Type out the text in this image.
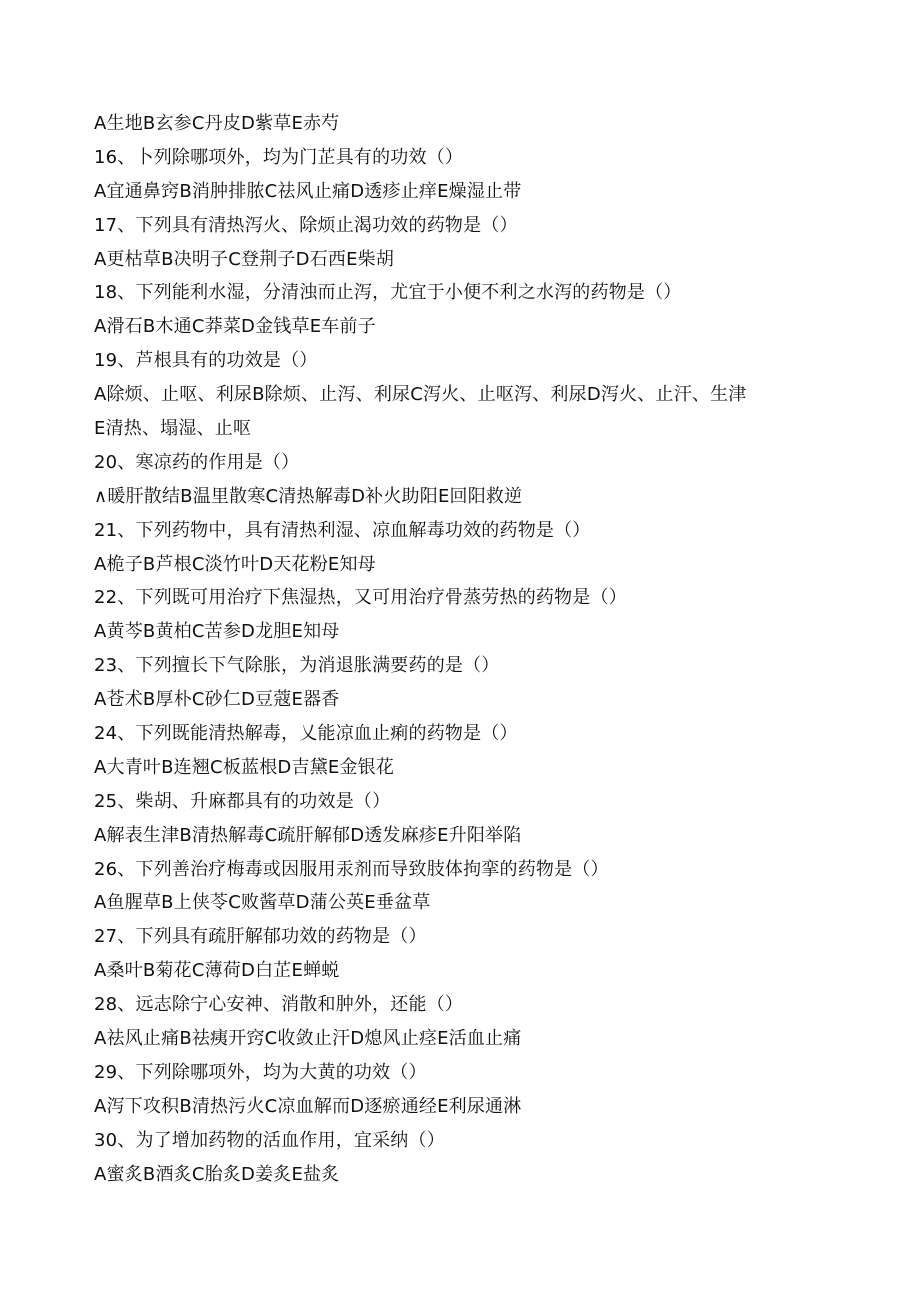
A生地B玄参C丹皮D紫草E赤芍
16、卜列除哪项外，均为门芷具有的功效（）
A宜通鼻窍B消肿排脓C祛风止痛D透疹止痒E燥湿止带
17、下列具有清热泻火、除烦止渴功效的药物是（）
A更枯草B决明子C登荆子D石西E柴胡
18、下列能利水湿，分清浊而止泻，尤宜于小便不利之水泻的药物是（）
A滑石B木通C莽菜D金钱草E车前子
19、芦根具有的功效是（）
A除烦、止呕、利尿B除烦、止泻、利尿C泻火、止呕泻、利尿D泻火、止汗、生津
E清热、塌湿、止呕
20、寒凉药的作用是（）
∧暖肝散结B温里散寒C清热解毒D补火助阳E回阳救逆
21、下列药物中，具有清热利湿、凉血解毒功效的药物是（）
A桅子B芦根C淡竹叶D天花粉E知母
22、下列既可用治疗下焦湿热，又可用治疗骨蒸劳热的药物是（）
A黄芩B黄柏C苦参D龙胆E知母
23、下列擅长下气除胀，为消退胀满要药的是（）
A苍术B厚朴C砂仁D豆蔻E器香
24、下列既能清热解毒，乂能凉血止痢的药物是（）
A大青叶B连翘C板蓝根D吉黛E金银花
25、柴胡、升麻都具有的功效是（）
A解表生津B清热解毒C疏肝解郁D透发麻疹E升阳举陷
26、下列善治疗梅毒或因服用汞剂而导致肢体拘挛的药物是（）
A鱼腥草B上侠苓C败酱草D蒲公英E垂盆草
27、下列具有疏肝解郁功效的药物是（）
A桑叶B菊花C薄荷D白芷E蝉蜕
28、远志除宁心安神、消散和肿外，还能（）
A祛风止痛B祛痍开窍C收敛止汗D熄风止痉E活血止痛
29、下列除哪项外，均为大黄的功效（）
A泻下攻积B清热污火C凉血解而D逐瘀通经E利尿通淋
30、为了增加药物的活血作用，宜采纳（）
A蜜炙B酒炙C胎炙D姜炙E盐炙
